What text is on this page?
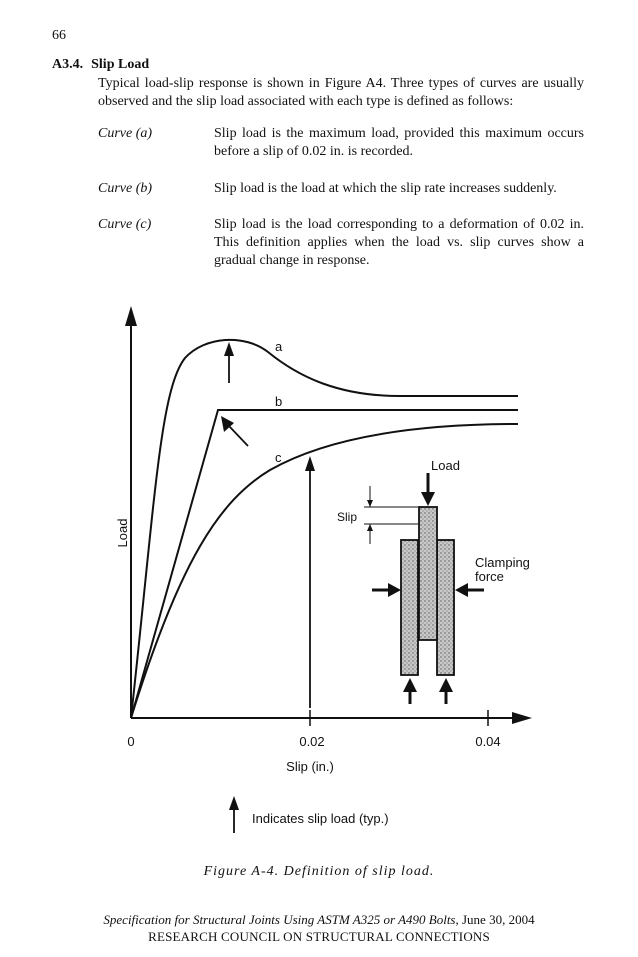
66
A3.4. Slip Load
Typical load-slip response is shown in Figure A4. Three types of curves are usually observed and the slip load associated with each type is defined as follows:
Curve (a)	Slip load is the maximum load, provided this maximum occurs before a slip of 0.02 in. is recorded.
Curve (b)	Slip load is the load at which the slip rate increases suddenly.
Curve (c)	Slip load is the load corresponding to a deformation of 0.02 in. This definition applies when the load vs. slip curves show a gradual change in response.
a
b
c
Load
0	0.02	0.04
Slip (in.)
Load
Slip
Clamping
force
Indicates slip load (typ.)
Figure A-4. Definition of slip load.
Specification for Structural Joints Using ASTM A325 or A490 Bolts, June 30, 2004
RESEARCH COUNCIL ON STRUCTURAL CONNECTIONS
